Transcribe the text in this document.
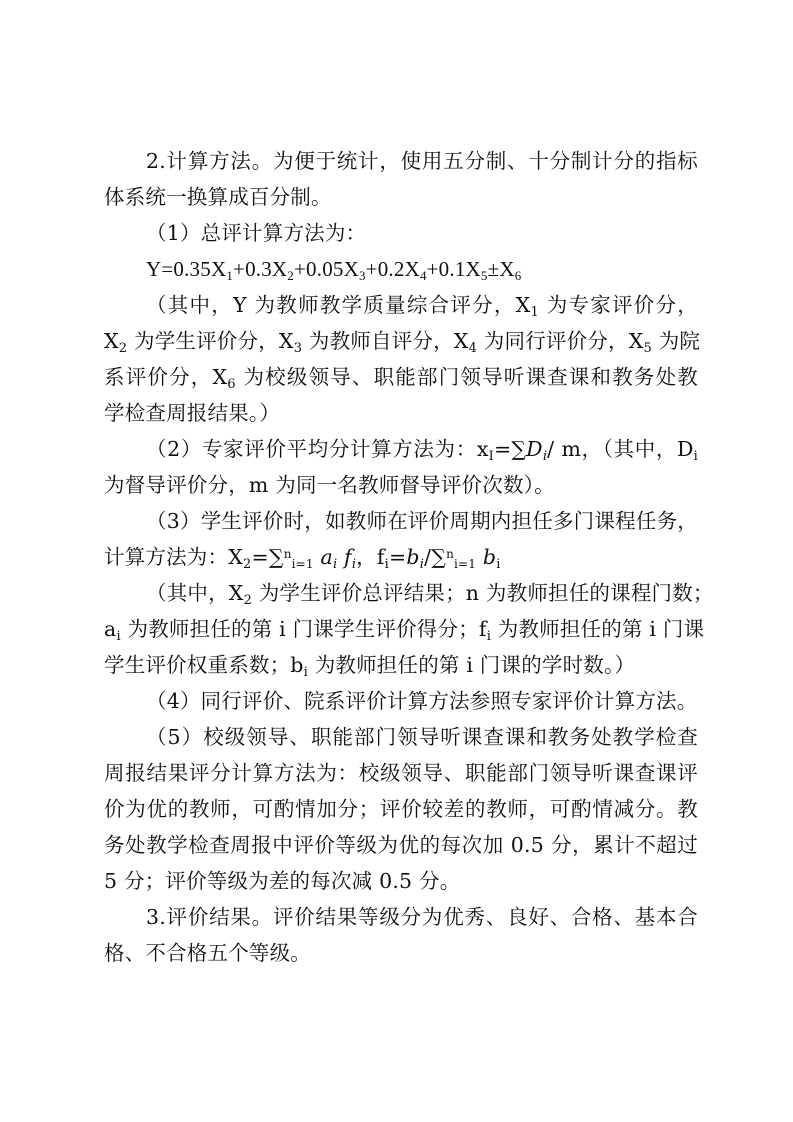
2.计算方法。为便于统计，使用五分制、十分制计分的指标
体系统一换算成百分制。
（1）总评计算方法为：
$Y=0.35X_1+0.3X_2+0.05X_3+0.2X_4+0.1X_5\pm X_6$
（其中，Y 为教师教学质量综合评分，$X_1$ 为专家评价分，
$X_2$ 为学生评价分，$X_3$ 为教师自评分，$X_4$ 为同行评价分，$X_5$ 为院
系评价分，$X_6$ 为校级领导、职能部门领导听课查课和教务处教
学检查周报结果。）
（2）专家评价平均分计算方法为：$x_I=\sum D_i/$ m，（其中，$D_i$
为督导评价分，m 为同一名教师督导评价次数）。
（3）学生评价时，如教师在评价周期内担任多门课程任务，
计算方法为：$X_2=\sum^n_{i=1}$ $a_i$ $f_i$，$f_i=b_i/\sum^n_{i=1}$ $b_i$
（其中，$X_2$ 为学生评价总评结果；n 为教师担任的课程门数；
$a_i$ 为教师担任的第 i 门课学生评价得分；$f_i$ 为教师担任的第 i 门课
学生评价权重系数；$b_i$ 为教师担任的第 i 门课的学时数。）
（4）同行评价、院系评价计算方法参照专家评价计算方法。
（5）校级领导、职能部门领导听课查课和教务处教学检查
周报结果评分计算方法为：校级领导、职能部门领导听课查课评
价为优的教师，可酌情加分；评价较差的教师，可酌情减分。教
务处教学检查周报中评价等级为优的每次加 0.5 分，累计不超过
5 分；评价等级为差的每次减 0.5 分。
3.评价结果。评价结果等级分为优秀、良好、合格、基本合
格、不合格五个等级。
